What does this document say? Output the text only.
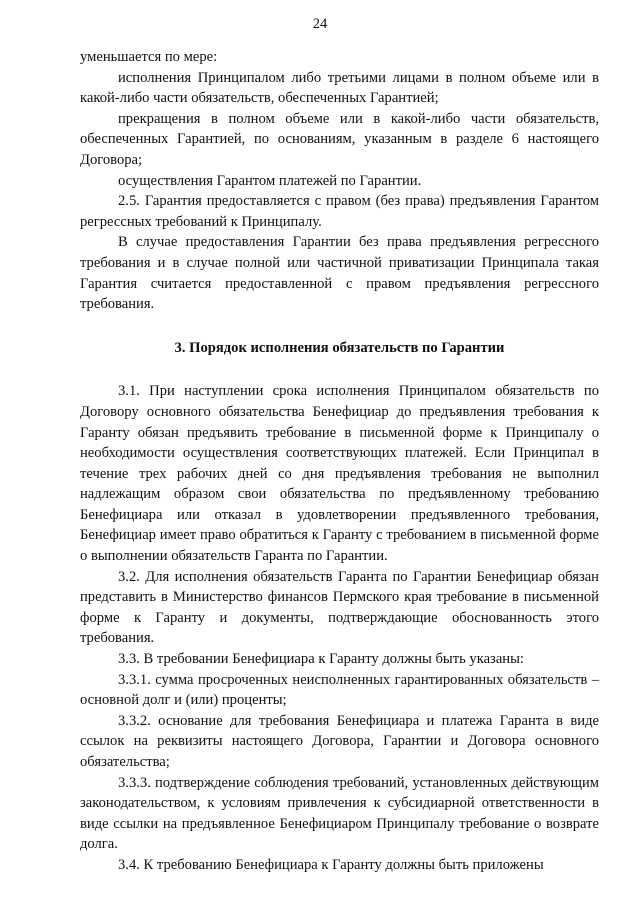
24

уменьшается по мере:

исполнения Принципалом либо третьими лицами в полном объеме или в какой-либо части обязательств, обеспеченных Гарантией;

прекращения в полном объеме или в какой-либо части обязательств, обеспеченных Гарантией, по основаниям, указанным в разделе 6 настоящего Договора;

осуществления Гарантом платежей по Гарантии.

2.5. Гарантия предоставляется с правом (без права) предъявления Гарантом регрессных требований к Принципалу.

В случае предоставления Гарантии без права предъявления регрессного требования и в случае полной или частичной приватизации Принципала такая Гарантия считается предоставленной с правом предъявления регрессного требования.

3. Порядок исполнения обязательств по Гарантии

3.1. При наступлении срока исполнения Принципалом обязательств по Договору основного обязательства Бенефициар до предъявления требования к Гаранту обязан предъявить требование в письменной форме к Принципалу о необходимости осуществления соответствующих платежей. Если Принципал в течение трех рабочих дней со дня предъявления требования не выполнил надлежащим образом свои обязательства по предъявленному требованию Бенефициара или отказал в удовлетворении предъявленного требования, Бенефициар имеет право обратиться к Гаранту с требованием в письменной форме о выполнении обязательств Гаранта по Гарантии.

3.2. Для исполнения обязательств Гаранта по Гарантии Бенефициар обязан представить в Министерство финансов Пермского края требование в письменной форме к Гаранту и документы, подтверждающие обоснованность этого требования.

3.3. В требовании Бенефициара к Гаранту должны быть указаны:

3.3.1. сумма просроченных неисполненных гарантированных обязательств – основной долг и (или) проценты;

3.3.2. основание для требования Бенефициара и платежа Гаранта в виде ссылок на реквизиты настоящего Договора, Гарантии и Договора основного обязательства;

3.3.3. подтверждение соблюдения требований, установленных действующим законодательством, к условиям привлечения к субсидиарной ответственности в виде ссылки на предъявленное Бенефициаром Принципалу требование о возврате долга.

3.4. К требованию Бенефициара к Гаранту должны быть приложены
